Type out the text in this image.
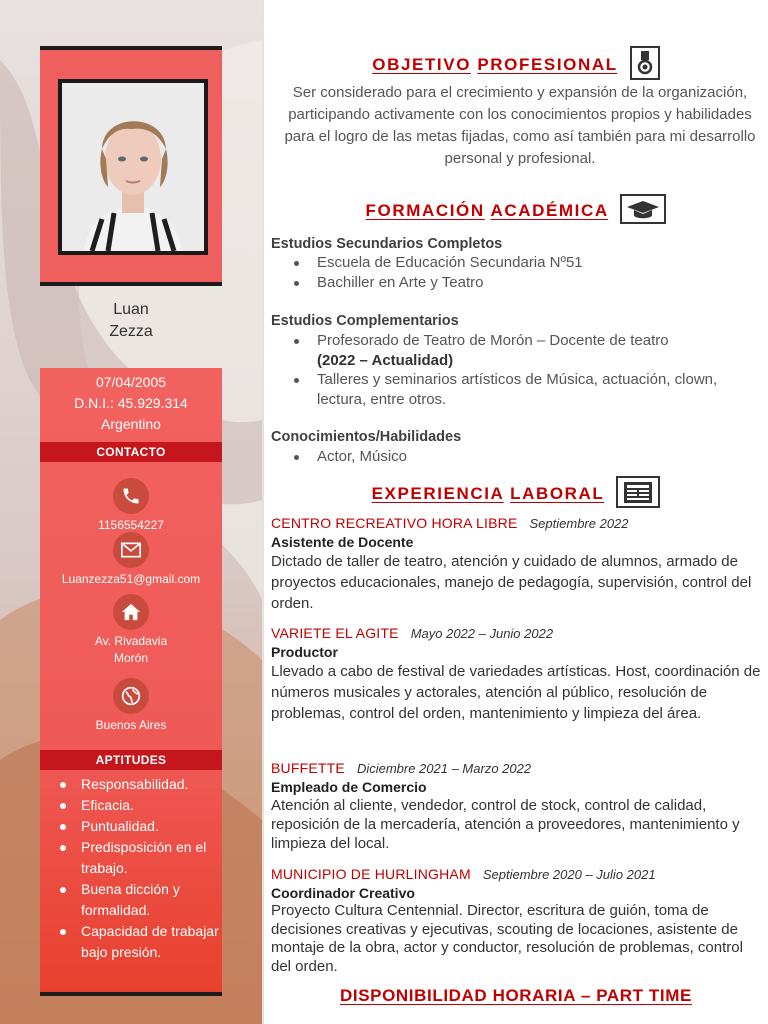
Luan
Zezza
07/04/2005
D.N.I.: 45.929.314
Argentino
CONTACTO
1156554227
Luanzezza51@gmail.com
Av. Rivadavia
Morón
Buenos Aires
APTITUDES
Responsabilidad.
Eficacia.
Puntualidad.
Predisposición en el trabajo.
Buena dicción y formalidad.
Capacidad de trabajar bajo presión.
OBJETIVO PROFESIONAL
Ser considerado para el crecimiento y expansión de la organización, participando activamente con los conocimientos propios y habilidades para el logro de las metas fijadas, como así también para mi desarrollo personal y profesional.
FORMACIÓN ACADÉMICA
Estudios Secundarios Completos
Escuela de Educación Secundaria Nº51
Bachiller en Arte y Teatro
Estudios Complementarios
Profesorado de Teatro de Morón – Docente de teatro
(2022 – Actualidad)
Talleres y seminarios artísticos de Música, actuación, clown, lectura, entre otros.
Conocimientos/Habilidades
Actor, Músico
EXPERIENCIA LABORAL
CENTRO RECREATIVO HORA LIBRE Septiembre 2022
Asistente de Docente
Dictado de taller de teatro, atención y cuidado de alumnos, armado de proyectos educacionales, manejo de pedagogía, supervisión, control del orden.
VARIETE EL AGITE Mayo 2022 – Junio 2022
Productor
Llevado a cabo de festival de variedades artísticas. Host, coordinación de números musicales y actorales, atención al público, resolución de problemas, control del orden, mantenimiento y limpieza del área.
BUFFETTE Diciembre 2021 – Marzo 2022
Empleado de Comercio
Atención al cliente, vendedor, control de stock, control de calidad, reposición de la mercadería, atención a proveedores, mantenimiento y limpieza del local.
MUNICIPIO DE HURLINGHAM Septiembre 2020 – Julio 2021
Coordinador Creativo
Proyecto Cultura Centennial. Director, escritura de guión, toma de decisiones creativas y ejecutivas, scouting de locaciones, asistente de montaje de la obra, actor y conductor, resolución de problemas, control del orden.
DISPONIBILIDAD HORARIA – PART TIME
